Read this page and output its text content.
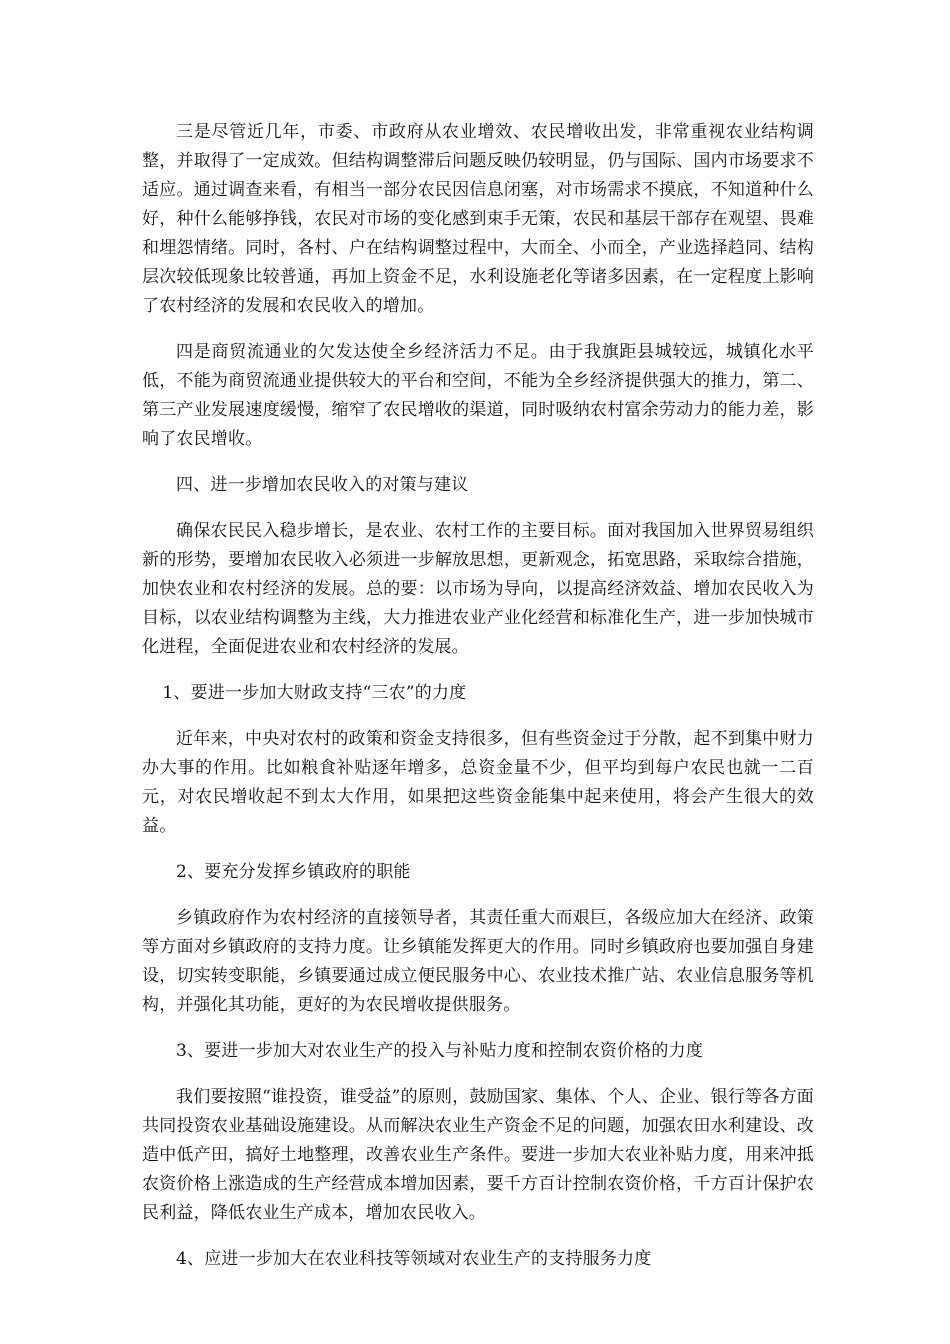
三是尽管近几年，市委、市政府从农业增效、农民增收出发，非常重视农业结构调整，并取得了一定成效。但结构调整滞后问题反映仍较明显，仍与国际、国内市场要求不适应。通过调查来看，有相当一部分农民因信息闭塞，对市场需求不摸底，不知道种什么好，种什么能够挣钱，农民对市场的变化感到束手无策，农民和基层干部存在观望、畏难和埋怨情绪。同时，各村、户在结构调整过程中，大而全、小而全，产业选择趋同、结构层次较低现象比较普通，再加上资金不足，水利设施老化等诸多因素，在一定程度上影响了农村经济的发展和农民收入的增加。

四是商贸流通业的欠发达使全乡经济活力不足。由于我旗距县城较远，城镇化水平低，不能为商贸流通业提供较大的平台和空间，不能为全乡经济提供强大的推力，第二、第三产业发展速度缓慢，缩窄了农民增收的渠道，同时吸纳农村富余劳动力的能力差，影响了农民增收。

四、进一步增加农民收入的对策与建议

确保农民民入稳步增长，是农业、农村工作的主要目标。面对我国加入世界贸易组织新的形势，要增加农民收入必须进一步解放思想，更新观念，拓宽思路，采取综合措施，加快农业和农村经济的发展。总的要：以市场为导向，以提高经济效益、增加农民收入为目标，以农业结构调整为主线，大力推进农业产业化经营和标准化生产，进一步加快城市化进程，全面促进农业和农村经济的发展。

1、要进一步加大财政支持“三农”的力度

近年来，中央对农村的政策和资金支持很多，但有些资金过于分散，起不到集中财力办大事的作用。比如粮食补贴逐年增多，总资金量不少，但平均到每户农民也就一二百元，对农民增收起不到太大作用，如果把这些资金能集中起来使用，将会产生很大的效益。

2、要充分发挥乡镇政府的职能

乡镇政府作为农村经济的直接领导者，其责任重大而艰巨，各级应加大在经济、政策等方面对乡镇政府的支持力度。让乡镇能发挥更大的作用。同时乡镇政府也要加强自身建设，切实转变职能，乡镇要通过成立便民服务中心、农业技术推广站、农业信息服务等机构，并强化其功能，更好的为农民增收提供服务。

3、要进一步加大对农业生产的投入与补贴力度和控制农资价格的力度

我们要按照“谁投资，谁受益”的原则，鼓励国家、集体、个人、企业、银行等各方面共同投资农业基础设施建设。从而解决农业生产资金不足的问题，加强农田水利建设、改造中低产田，搞好土地整理，改善农业生产条件。要进一步加大农业补贴力度，用来冲抵农资价格上涨造成的生产经营成本增加因素，要千方百计控制农资价格，千方百计保护农民利益，降低农业生产成本，增加农民收入。

4、应进一步加大在农业科技等领域对农业生产的支持服务力度
